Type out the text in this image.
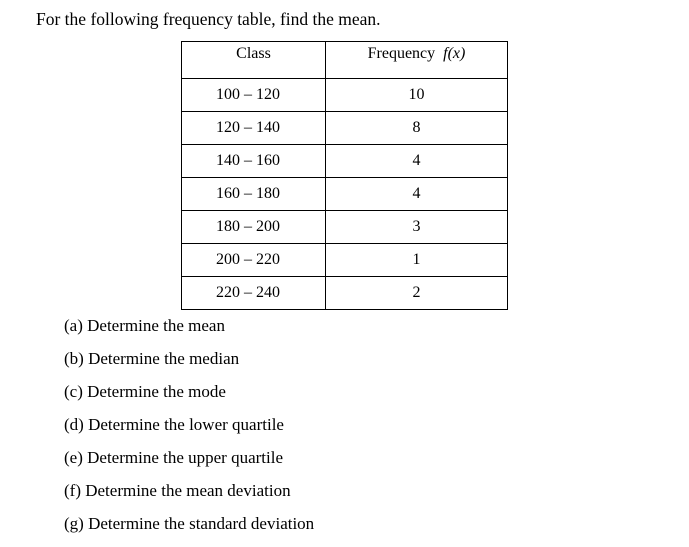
For the following frequency table, find the mean.
Class	Frequency f(x)
100 – 120	10
120 – 140	8
140 – 160	4
160 – 180	4
180 – 200	3
200 – 220	1
220 – 240	2
(a) Determine the mean
(b) Determine the median
(c) Determine the mode
(d) Determine the lower quartile
(e) Determine the upper quartile
(f) Determine the mean deviation
(g) Determine the standard deviation
